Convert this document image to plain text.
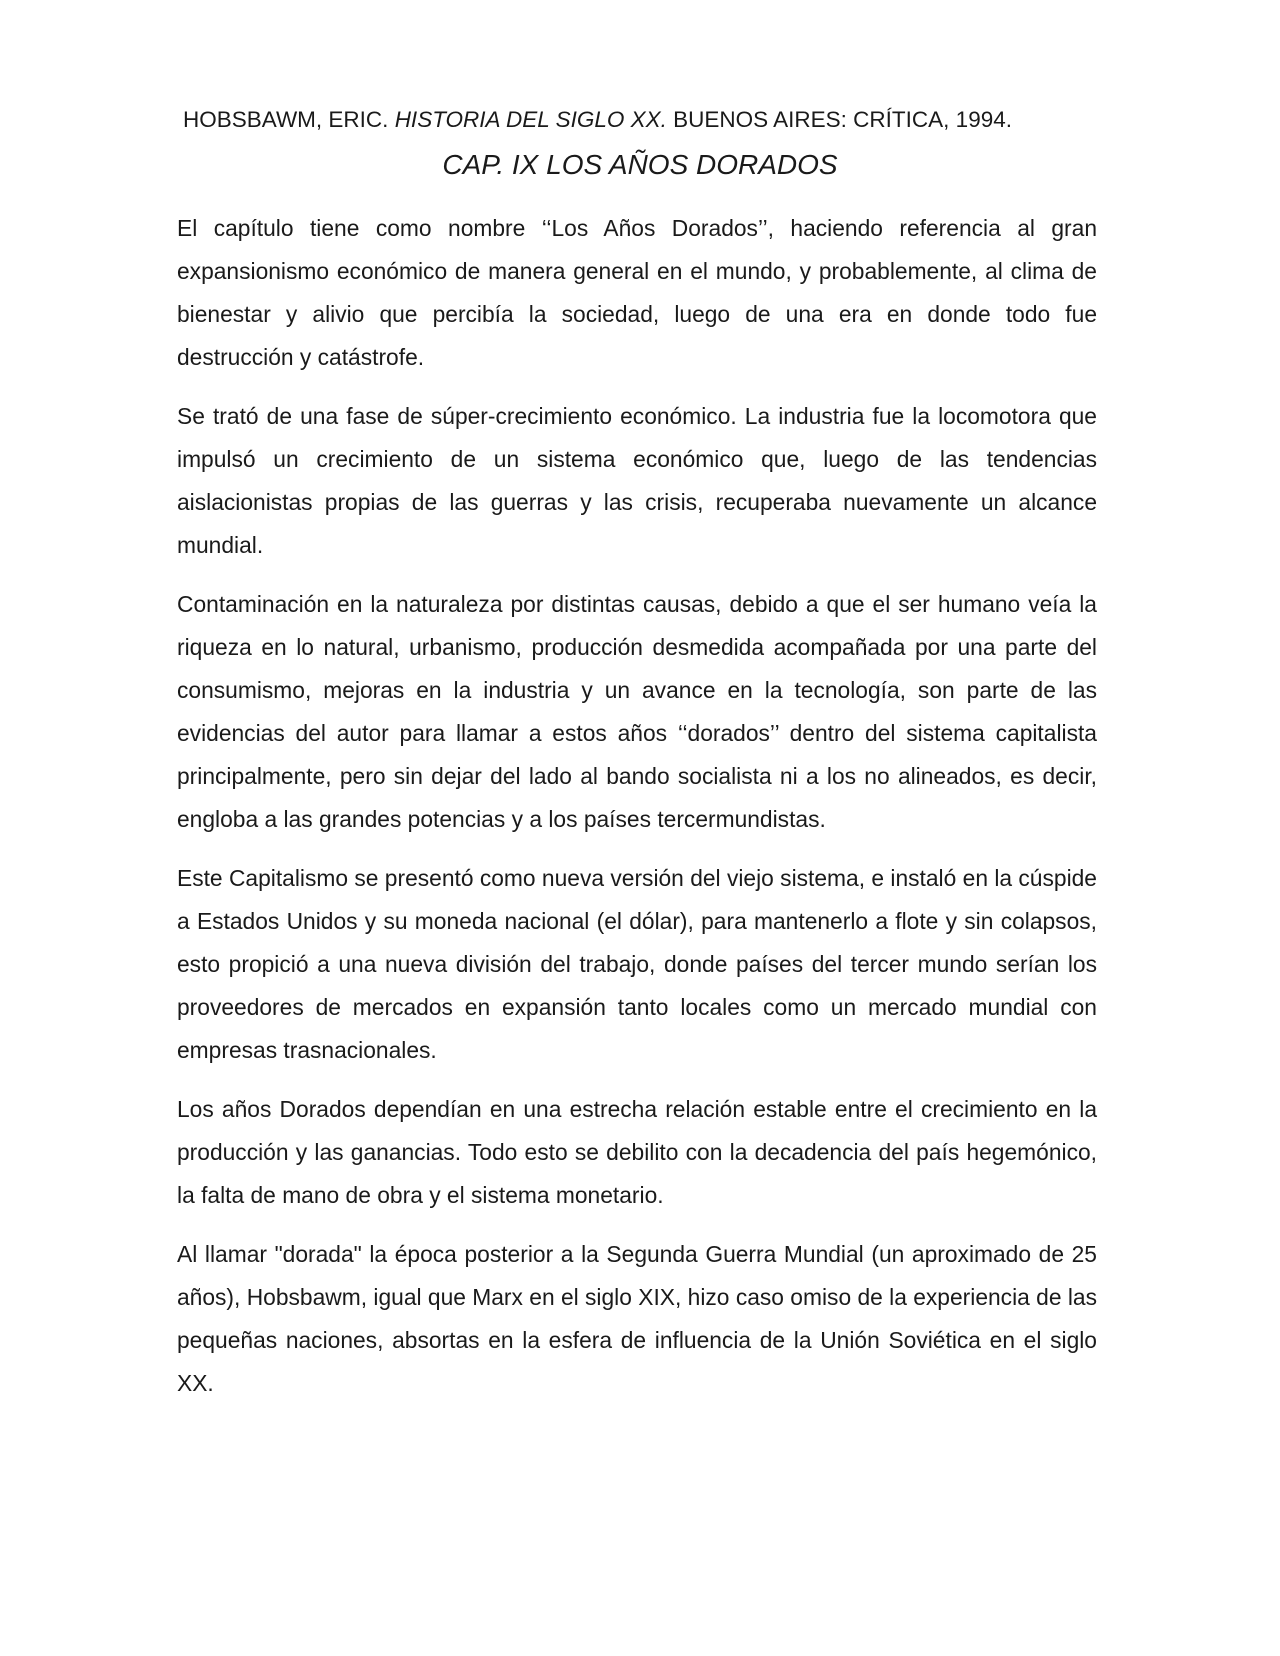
HOBSBAWM, ERIC. HISTORIA DEL SIGLO XX. BUENOS AIRES: CRÍTICA, 1994.
CAP. IX LOS AÑOS DORADOS

El capítulo tiene como nombre ‘‘Los Años Dorados’’, haciendo referencia al gran expansionismo económico de manera general en el mundo, y probablemente, al clima de bienestar y alivio que percibía la sociedad, luego de una era en donde todo fue destrucción y catástrofe.

Se trató de una fase de súper-crecimiento económico. La industria fue la locomotora que impulsó un crecimiento de un sistema económico que, luego de las tendencias aislacionistas propias de las guerras y las crisis, recuperaba nuevamente un alcance mundial.

Contaminación en la naturaleza por distintas causas, debido a que el ser humano veía la riqueza en lo natural, urbanismo, producción desmedida acompañada por una parte del consumismo, mejoras en la industria y un avance en la tecnología, son parte de las evidencias del autor para llamar a estos años ‘‘dorados’’ dentro del sistema capitalista principalmente, pero sin dejar del lado al bando socialista ni a los no alineados, es decir, engloba a las grandes potencias y a los países tercermundistas.

Este Capitalismo se presentó como nueva versión del viejo sistema, e instaló en la cúspide a Estados Unidos y su moneda nacional (el dólar), para mantenerlo a flote y sin colapsos, esto propició a una nueva división del trabajo, donde países del tercer mundo serían los proveedores de mercados en expansión tanto locales como un mercado mundial con empresas trasnacionales.

Los años Dorados dependían en una estrecha relación estable entre el crecimiento en la producción y las ganancias. Todo esto se debilito con la decadencia del país hegemónico, la falta de mano de obra y el sistema monetario.

Al llamar "dorada" la época posterior a la Segunda Guerra Mundial (un aproximado de 25 años), Hobsbawm, igual que Marx en el siglo XIX, hizo caso omiso de la experiencia de las pequeñas naciones, absortas en la esfera de influencia de la Unión Soviética en el siglo XX.
